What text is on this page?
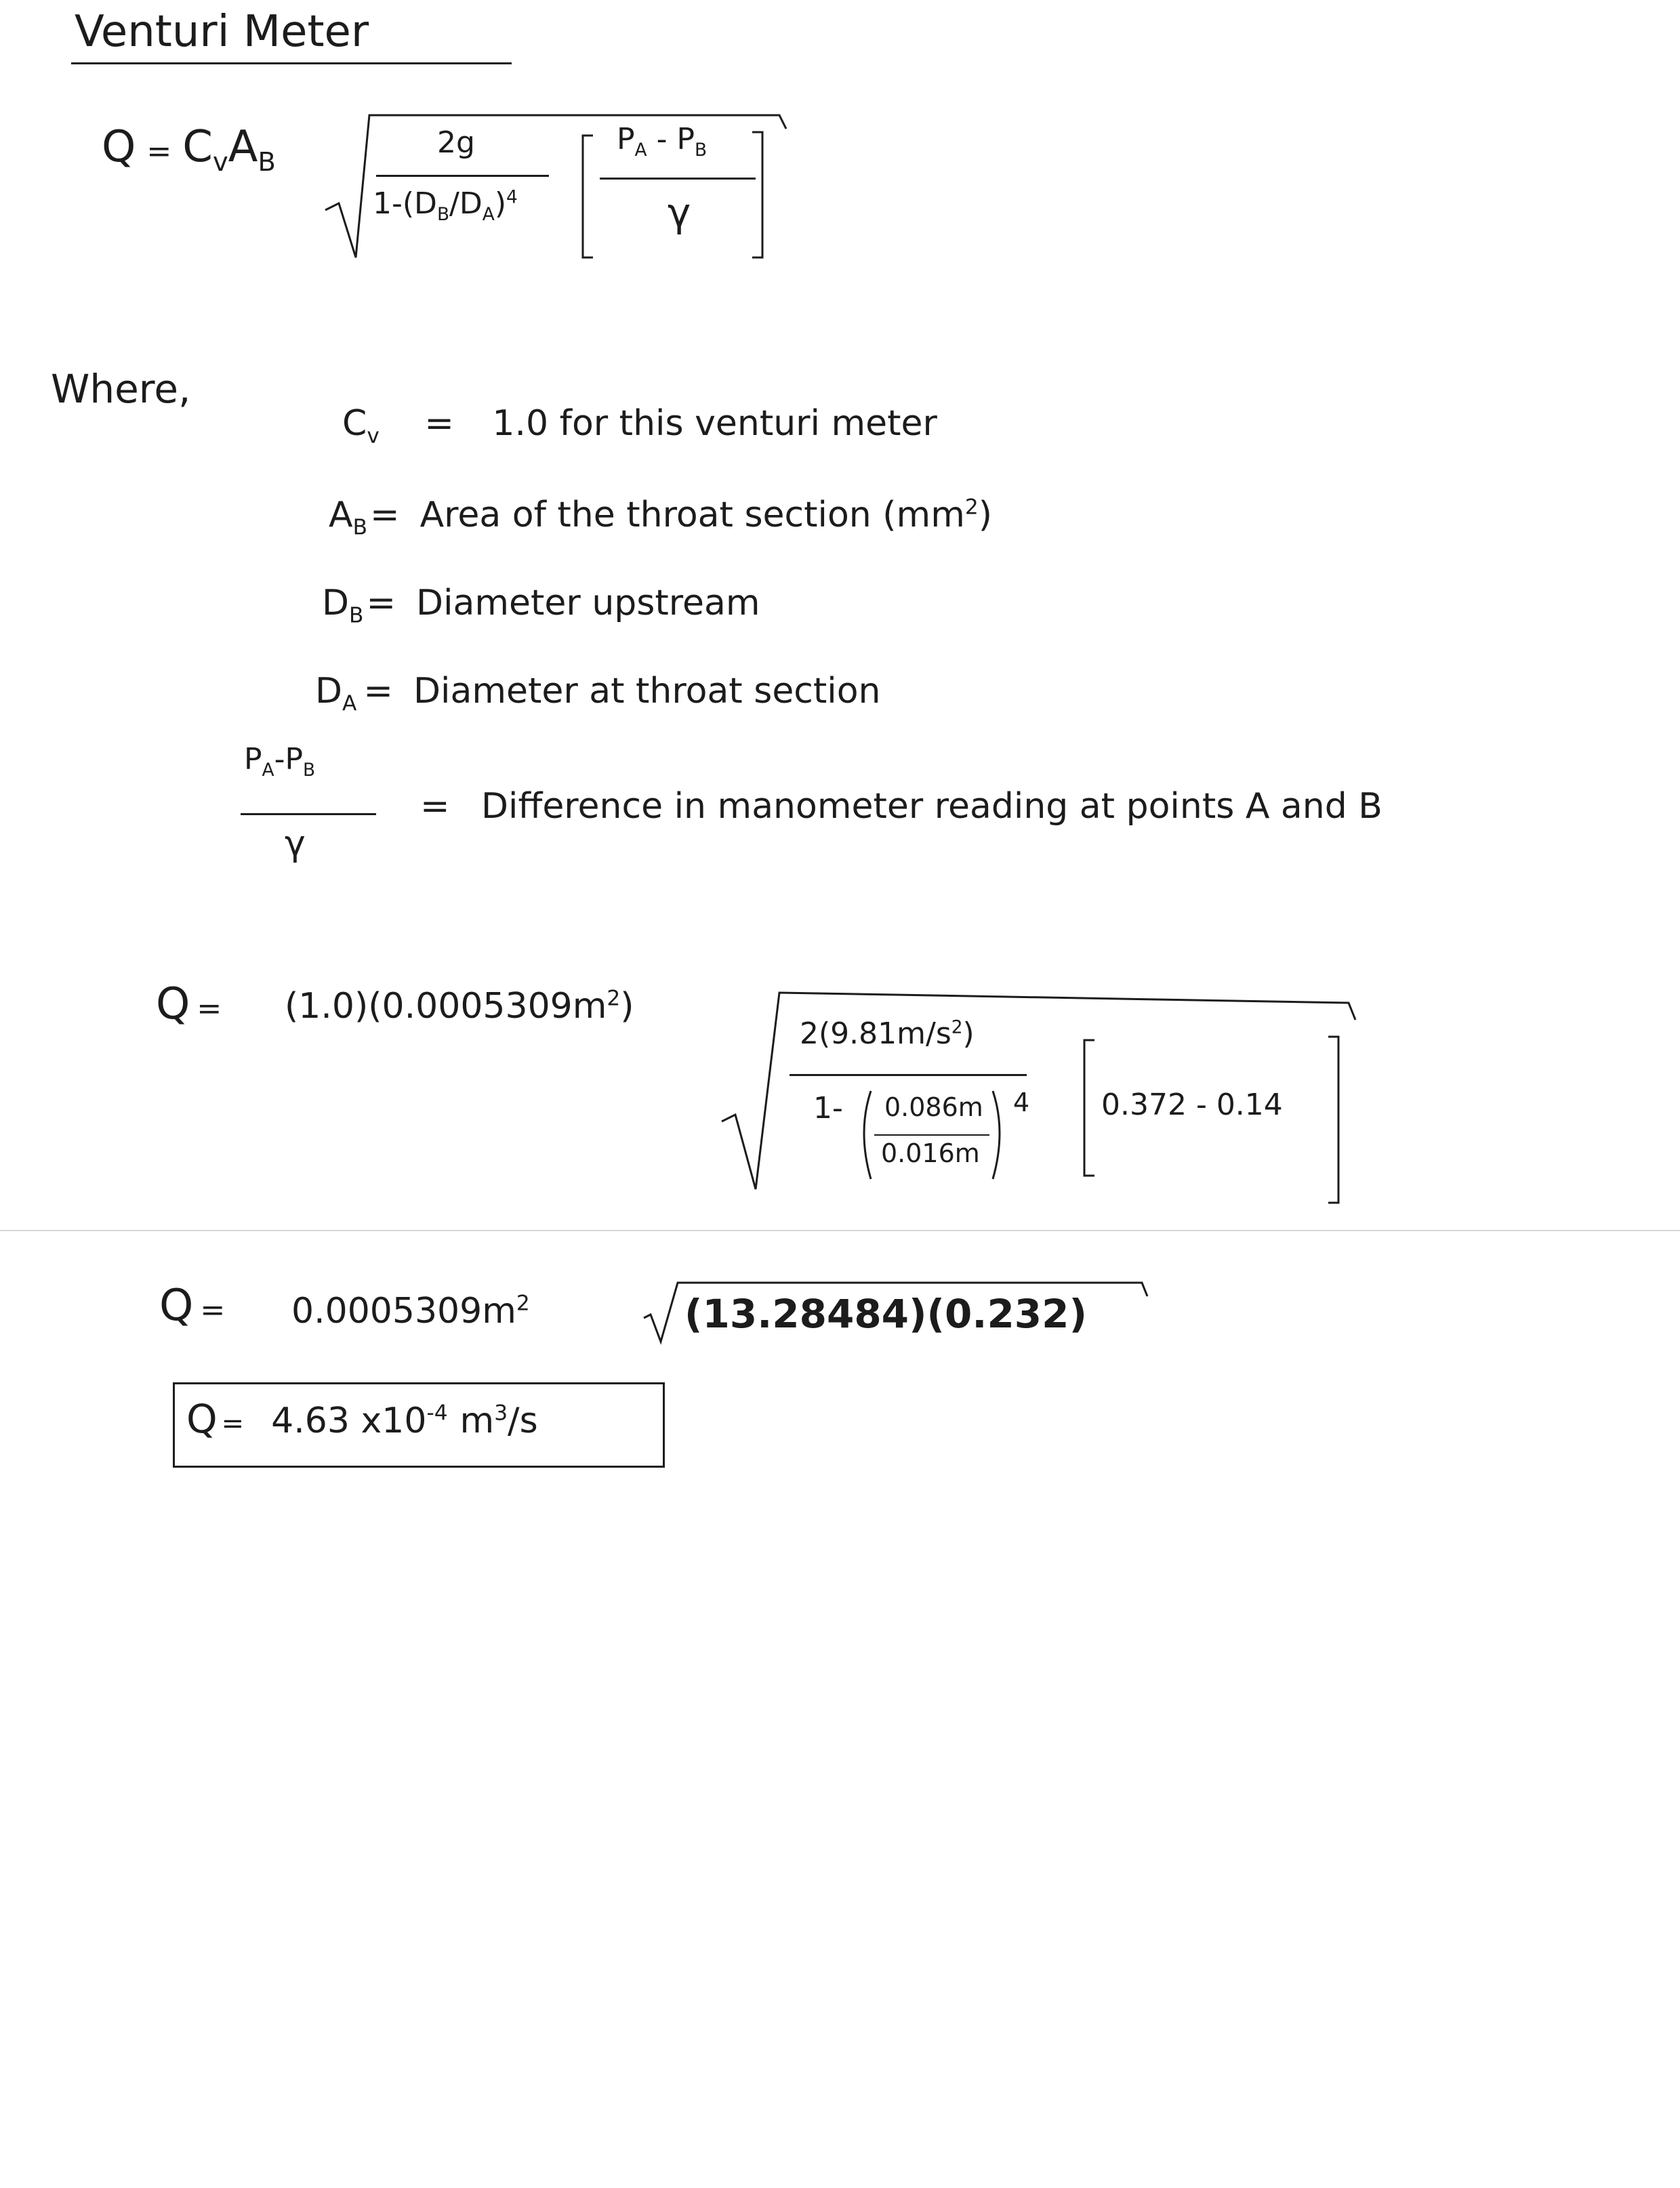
Venturi Meter
$Q = C_vA_B$
2g
$1-(D_B/D_A)^4$
$P_A - P_B$
γ
Where,
$C_v = 1.0$ for this venturi meter
$A_B=$ Area of the throat section $(mm^2)$
$D_B=$ Diameter upstream
$D_A$ = Diameter at throat section
$P_A-P_B$
γ
= Difference in manometer reading at points A and B
Q =	$(1.0)(0.0005309m^2)$
$2(9.81m/s^2)$
1- 0.086m
0.016m
4 0.372 - 0.14
Q =	$0.0005309m^2$	(13.28484)(0.232)
Q = 4.63 $x10^{-4}$ $m^3/s$
